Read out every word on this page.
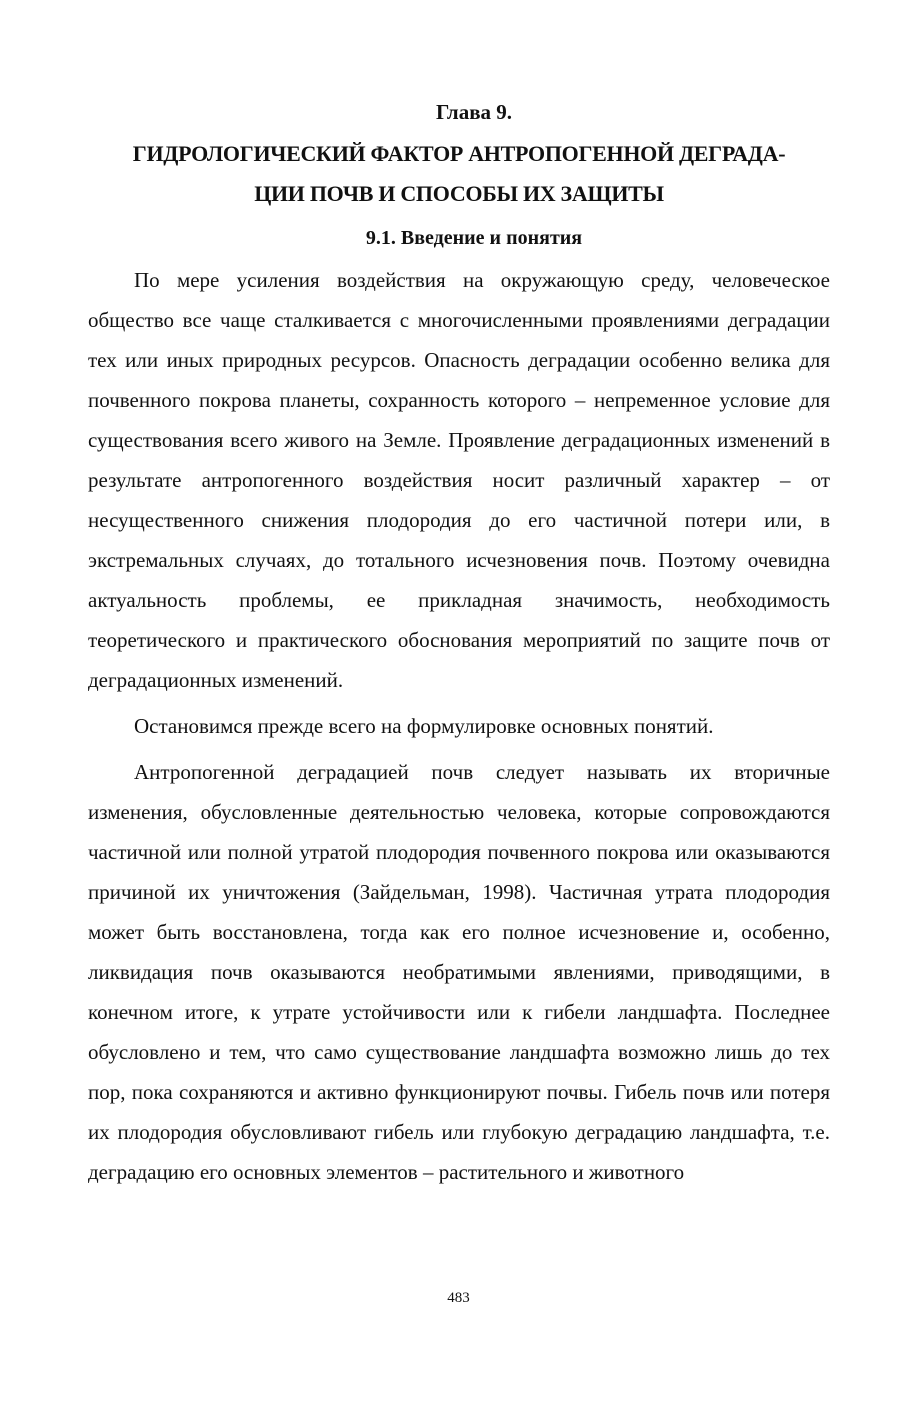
Глава 9.

ГИДРОЛОГИЧЕСКИЙ ФАКТОР АНТРОПОГЕННОЙ ДЕГРАДА-
ЦИИ ПОЧВ И СПОСОБЫ ИХ ЗАЩИТЫ

9.1. Введение и понятия

По мере усиления воздействия на окружающую среду, человеческое общество все чаще сталкивается с многочисленными проявлениями деградации тех или иных природных ресурсов. Опасность деградации особенно велика для почвенного покрова планеты, сохранность которого – непременное условие для существования всего живого на Земле. Проявление деградационных изменений в результате антропогенного воздействия носит различный характер – от несущественного снижения плодородия до его частичной потери или, в экстремальных случаях, до тотального исчезновения почв. Поэтому очевидна актуальность проблемы, ее прикладная значимость, необходимость теоретического и практического обоснования мероприятий по защите почв от деградационных изменений.

Остановимся прежде всего на формулировке основных понятий.

Антропогенной деградацией почв следует называть их вторичные изменения, обусловленные деятельностью человека, которые сопровождаются частичной или полной утратой плодородия почвенного покрова или оказываются причиной их уничтожения (Зайдельман, 1998). Частичная утрата плодородия может быть восстановлена, тогда как его полное исчезновение и, особенно, ликвидация почв оказываются необратимыми явлениями, приводящими, в конечном итоге, к утрате устойчивости или к гибели ландшафта. Последнее обусловлено и тем, что само существование ландшафта возможно лишь до тех пор, пока сохраняются и активно функционируют почвы. Гибель почв или потеря их плодородия обусловливают гибель или глубокую деградацию ландшафта, т.е. деградацию его основных элементов – растительного и животного

483
